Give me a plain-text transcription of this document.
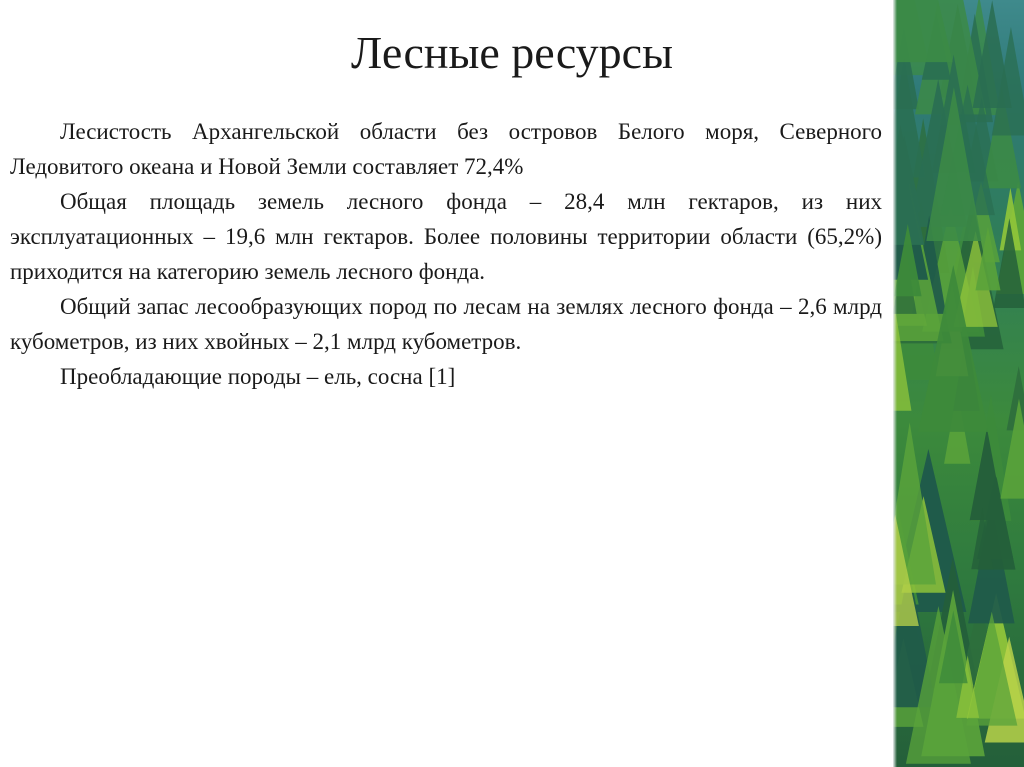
Лесные ресурсы

Лесистость Архангельской области без островов Белого моря, Северного Ледовитого океана и Новой Земли составляет 72,4%

Общая площадь земель лесного фонда – 28,4 млн гектаров, из них эксплуатационных – 19,6 млн гектаров. Более половины территории области (65,2%) приходится на категорию земель лесного фонда.

Общий запас лесообразующих пород по лесам на землях лесного фонда – 2,6 млрд кубометров, из них хвойных – 2,1 млрд кубометров.

Преобладающие породы – ель, сосна [1]
